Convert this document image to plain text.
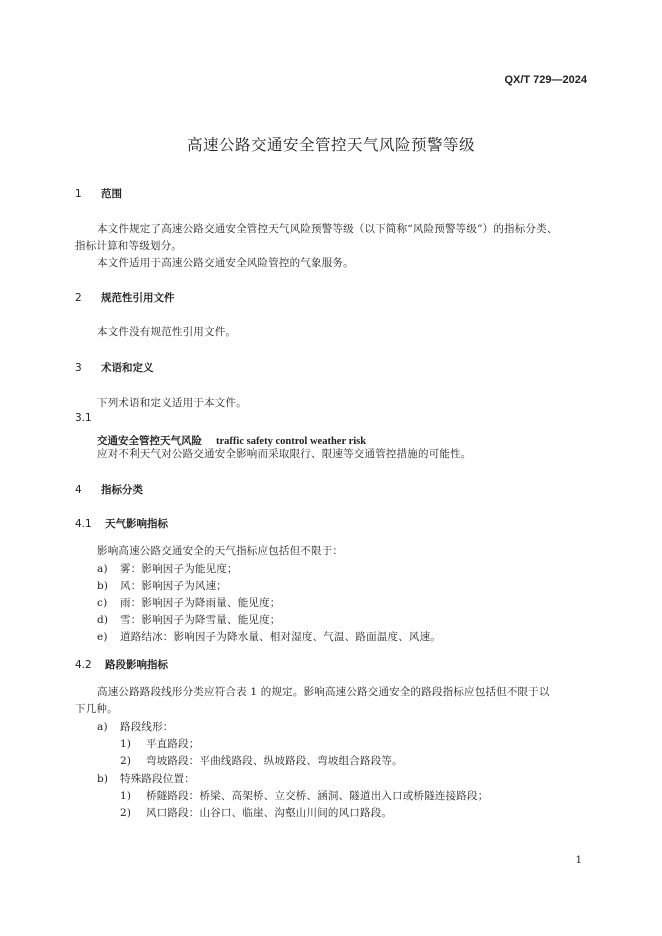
QX/T 729—2024
高速公路交通安全管控天气风险预警等级
1 范围
本文件规定了高速公路交通安全管控天气风险预警等级（以下简称“风险预警等级”）的指标分类、
指标计算和等级划分。
本文件适用于高速公路交通安全风险管控的气象服务。
2 规范性引用文件
本文件没有规范性引用文件。
3 术语和定义
下列术语和定义适用于本文件。
3.1
交通安全管控天气风险 traffic safety control weather risk
应对不利天气对公路交通安全影响而采取限行、限速等交通管控措施的可能性。
4 指标分类
4.1 天气影响指标
影响高速公路交通安全的天气指标应包括但不限于：
a) 雾：影响因子为能见度；
b) 风：影响因子为风速；
c) 雨：影响因子为降雨量、能见度；
d) 雪：影响因子为降雪量、能见度；
e) 道路结冰：影响因子为降水量、相对湿度、气温、路面温度、风速。
4.2 路段影响指标
高速公路路段线形分类应符合表 1 的规定。影响高速公路交通安全的路段指标应包括但不限于以
下几种。
a) 路段线形：
1) 平直路段；
2) 弯坡路段：平曲线路段、纵坡路段、弯坡组合路段等。
b) 特殊路段位置：
1) 桥隧路段：桥梁、高架桥、立交桥、涵洞、隧道出入口或桥隧连接路段；
2) 风口路段：山谷口、临崖、沟壑山川间的风口路段。
1
